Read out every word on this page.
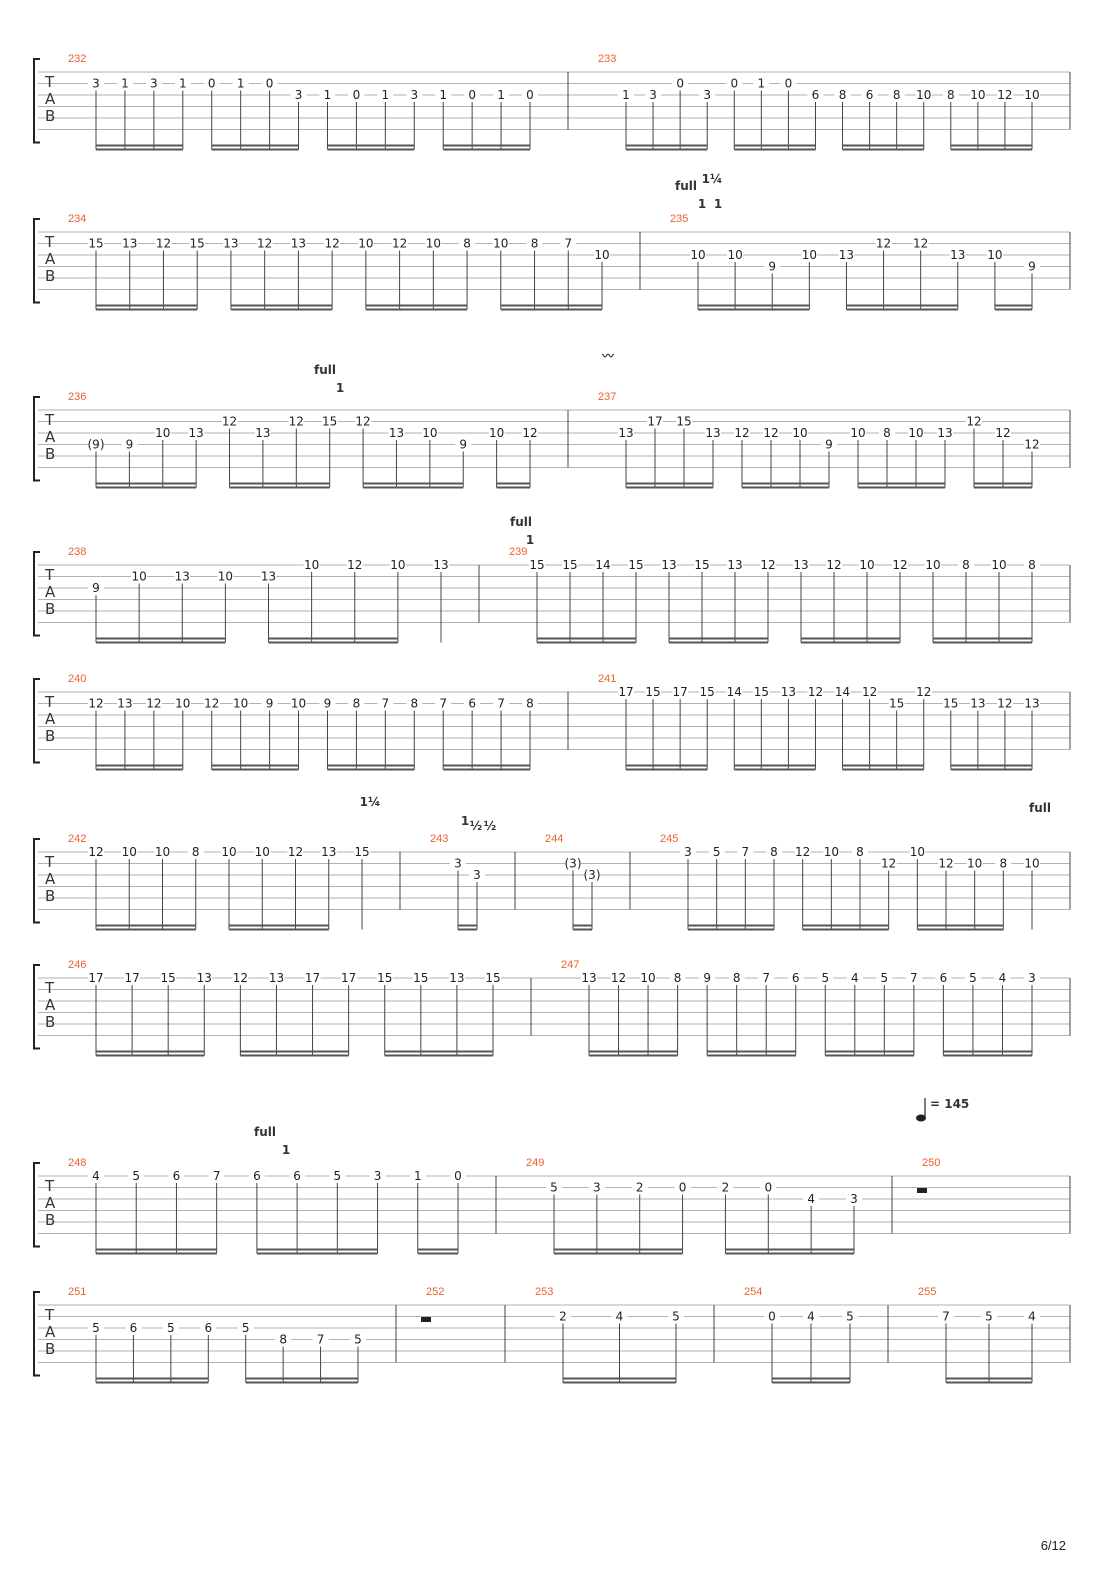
T
A
B
232
3 1 3 1 0 1 0
3 1 0 1 3 1 0 1 0
233
1 3
0
3
0 1 0
6 8 6 8 10 8 10 12 10
T
A
B
234
15 13 12 15 13 12 13 12 10 12 10 8 10 8 7
10
235
10 10
9
10 13
12 12
13 10
9
full 1¼
1 1
T
A
B
236
(9) 9
10 13
12
13
12 15 12
13 10
9
10 12
237
13
17 15
13 12 12 10
9
10 8 10 13
12
12
12
full
1
T
A
B
238
9
10 13 10 13
10 12 10 13
239
15 15 14 15 13 15 13 12 13 12 10 12 10 8 10 8
full
1
T
A
B
240
12 13 12 10 12 10 9 10 9 8 7 8 7 6 7 8
241
17 15 17 15 14 15 13 12 14 12
15
12
15 13 12 13
T
A
B
242
12 10 10 8 10 10 12 13 15
243
3
3
244
(3)
(3)
245
3 5 7 8 12 10 8
12
10
12 10 8 10
1¼
1 ½ ½
full
T
A
B
246
17 17 15 13 12 13 17 17 15 15 13 15
247
13 12 10 8 9 8 7 6 5 4 5 7 6 5 4 3
T
A
B
248
4	5	6	7	6	6	5	3	1	0
249
5	3	2	0	2	0
4	3
250
full
1
T
A
B
251
5 6 5 6 5
8 7 5
252	253
2	4	5
254
0	4	5
255
7	5	4
= 145
〰
6/12
